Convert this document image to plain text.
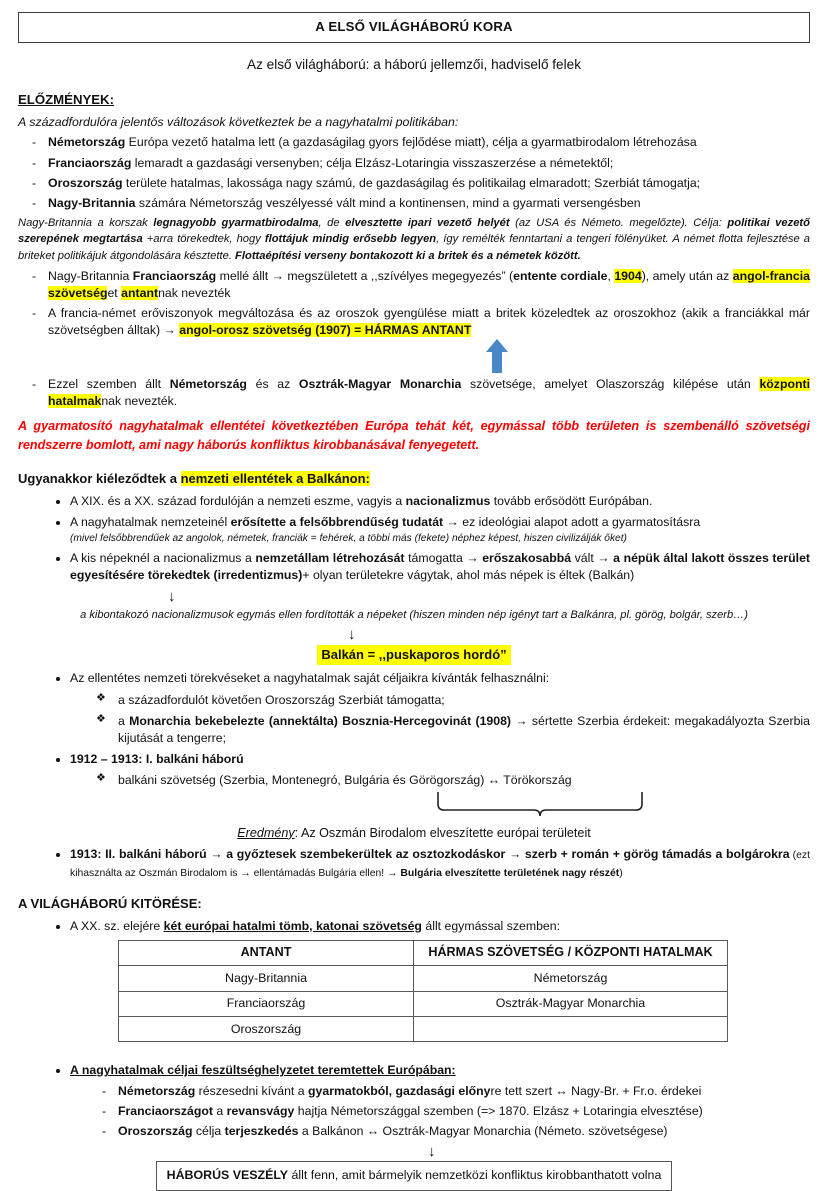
A ELSŐ VILÁGHÁBORÚ KORA
Az első világháború: a háború jellemzői, hadviselő felek
ELŐZMÉNYEK:
A századfordulóra jelentős változások következtek be a nagyhatalmi politikában:
- Németország Európa vezető hatalma lett (a gazdaságilag gyors fejlődése miatt), célja a gyarmatbirodalom létrehozása
- Franciaország lemaradt a gazdasági versenyben; célja Elzász-Lotaringia visszaszerzése a németektől;
- Oroszország területe hatalmas, lakossága nagy számú, de gazdaságilag és politikailag elmaradott; Szerbiát támogatja;
- Nagy-Britannia számára Németország veszélyessé vált mind a kontinensen, mind a gyarmati versengésben
Nagy-Britannia a korszak legnagyobb gyarmatbirodalma, de elvesztette ipari vezető helyét (az USA és Németo. megelőzte). Célja: politikai vezető szerepének megtartása +arra törekedtek, hogy flottájuk mindig erősebb legyen, így remélték fenntartani a tengeri fölényüket. A német flotta fejlesztése a briteket politikájuk átgondolására késztette. Flottaépítési verseny bontakozott ki a britek és a németek között.
- Nagy-Britannia Franciaország mellé állt → megszületett a ,,szívélyes megegyezés” (entente cordiale, 1904), amely után az angol-francia szövetséget antantnak nevezték
- A francia-német erőviszonyok megváltozása és az oroszok gyengülése miatt a britek közeledtek az oroszokhoz (akik a franciákkal már szövetségben álltak) → angol-orosz szövetség (1907) = HÁRMAS ANTANT
- Ezzel szemben állt Németország és az Osztrák-Magyar Monarchia szövetsége, amelyet Olaszország kilépése után központi hatalmaknak nevezték.
A gyarmatosító nagyhatalmak ellentétei következtében Európa tehát két, egymással több területen is szembenálló szövetségi rendszerre bomlott, ami nagy háborús konfliktus kirobbanásával fenyegetett.
Ugyanakkor kiéleződtek a nemzeti ellentétek a Balkánon:
A XIX. és a XX. század fordulóján a nemzeti eszme, vagyis a nacionalizmus tovább erősödött Európában.
A nagyhatalmak nemzeteinél erősítette a felsőbbrendűség tudatát → ez ideológiai alapot adott a gyarmatosításra
(mivel felsőbbrendűek az angolok, németek, franciák = fehérek, a többi más (fekete) néphez képest, hiszen civilizálják őket)
A kis népeknél a nacionalizmus a nemzetállam létrehozását támogatta → erőszakosabbá vált → a népük által lakott összes terület egyesítésére törekedtek (irredentizmus)+ olyan területekre vágytak, ahol más népek is éltek (Balkán)
↓
a kibontakozó nacionalizmusok egymás ellen fordították a népeket (hiszen minden nép igényt tart a Balkánra, pl. görög, bolgár, szerb…)
↓
Balkán = ,,puskaporos hordó”
Az ellentétes nemzeti törekvéseket a nagyhatalmak saját céljaikra kívánták felhasználni:
❖ a századfordulót követően Oroszország Szerbiát támogatta;
❖ a Monarchia bekebelezte (annektálta) Bosznia-Hercegovinát (1908) → sértette Szerbia érdekeit: megakadályozta Szerbia kijutását a tengerre;
1912 – 1913: I. balkáni háború
❖ balkáni szövetség (Szerbia, Montenegró, Bulgária és Görögország) ↔ Törökország
Eredmény: Az Oszmán Birodalom elveszítette európai területeit
1913: II. balkáni háború → a győztesek szembekerültek az osztozkodáskor → szerb + román + görög támadás a bolgárokra (ezt kihasználta az Oszmán Birodalom is → ellentámadás Bulgária ellen! → Bulgária elveszítette területének nagy részét)
A VILÁGHÁBORÚ KITÖRÉSE:
A XX. sz. elejére két európai hatalmi tömb, katonai szövetség állt egymással szemben:
ANTANT	HÁRMAS SZÖVETSÉG / KÖZPONTI HATALMAK
Nagy-Britannia	Németország
Franciaország	Osztrák-Magyar Monarchia
Oroszország	
A nagyhatalmak céljai feszültséghelyzetet teremtettek Európában:
- Németország részesedni kívánt a gyarmatokból, gazdasági előnyre tett szert ↔ Nagy-Br. + Fr.o. érdekei
- Franciaországot a revansvágy hajtja Németországgal szemben (=> 1870. Elzász + Lotaringia elvesztése)
- Oroszország célja terjeszkedés a Balkánon ↔ Osztrák-Magyar Monarchia (Németo. szövetségese)
↓
HÁBORÚS VESZÉLY állt fenn, amit bármelyik nemzetközi konfliktus kirobbanthatott volna
